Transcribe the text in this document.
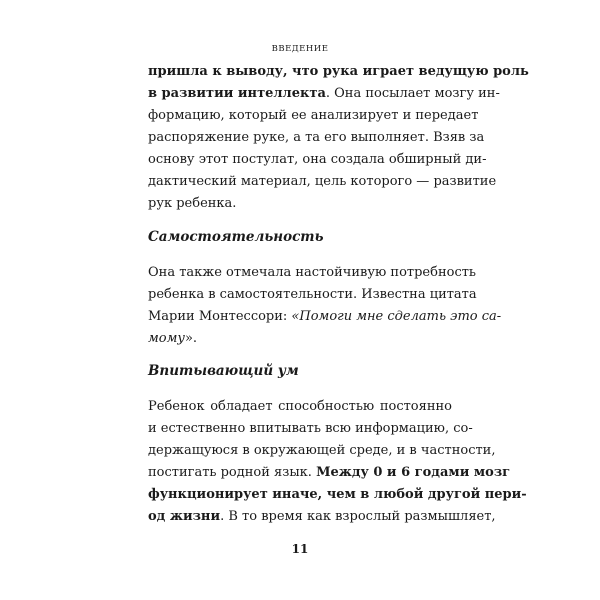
ВВЕДЕНИЕ
пришла к выводу, что рука играет ведущую роль
в развитии интеллекта. Она посылает мозгу ин-
формацию, который ее анализирует и передает
распоряжение руке, а та его выполняет. Взяв за
основу этот постулат, она создала обширный ди-
дактический материал, цель которого — развитие
рук ребенка.
Самостоятельность
Она также отмечала настойчивую потребность
ребенка в самостоятельности. Известна цитата
Марии Монтессори: «Помоги мне сделать это са-
мому».
Впитывающий ум
Ребенок обладает способностью постоянно
и естественно впитывать всю информацию, со-
держащуюся в окружающей среде, и в частности,
постигать родной язык. Между 0 и 6 годами мозг
функционирует иначе, чем в любой другой пери-
од жизни. В то время как взрослый размышляет,
11
